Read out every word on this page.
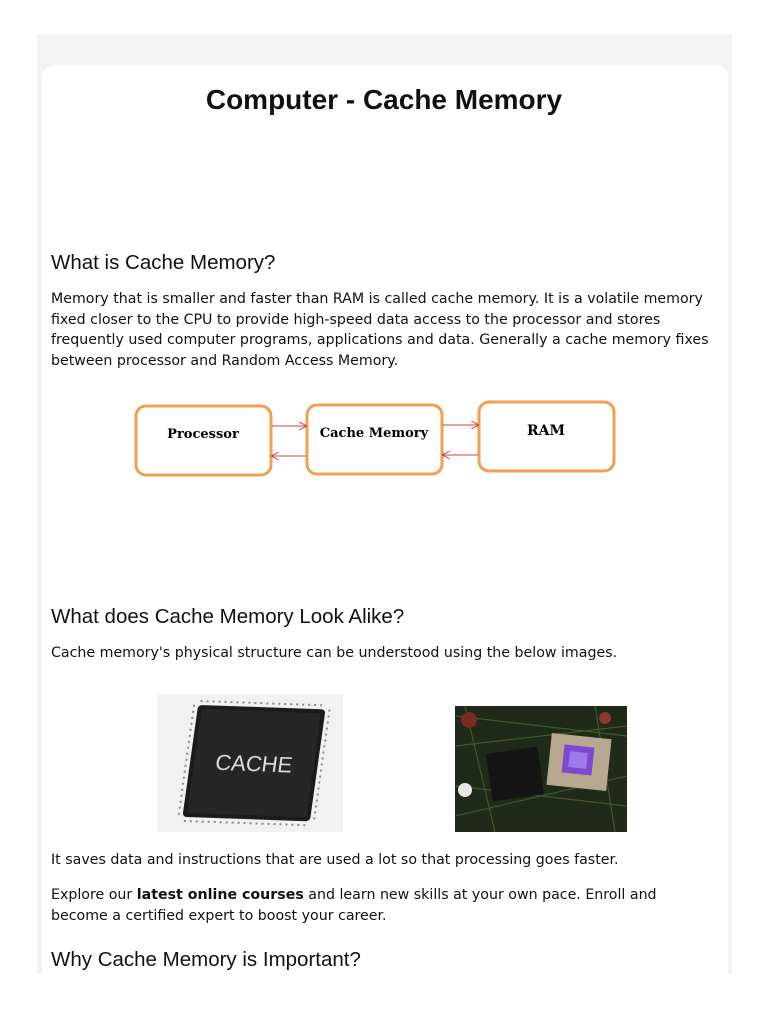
Computer - Cache Memory
What is Cache Memory?

Memory that is smaller and faster than RAM is called cache memory. It is a volatile memory fixed closer to the CPU to provide high-speed data access to the processor and stores frequently used computer programs, applications and data. Generally a cache memory fixes between processor and Random Access Memory.

Processor	Cache Memory	RAM
What does Cache Memory Look Alike?

Cache memory's physical structure can be understood using the below images.

CACHE

It saves data and instructions that are used a lot so that processing goes faster.

Explore our latest online courses and learn new skills at your own pace. Enroll and become a certified expert to boost your career.

Why Cache Memory is Important?
